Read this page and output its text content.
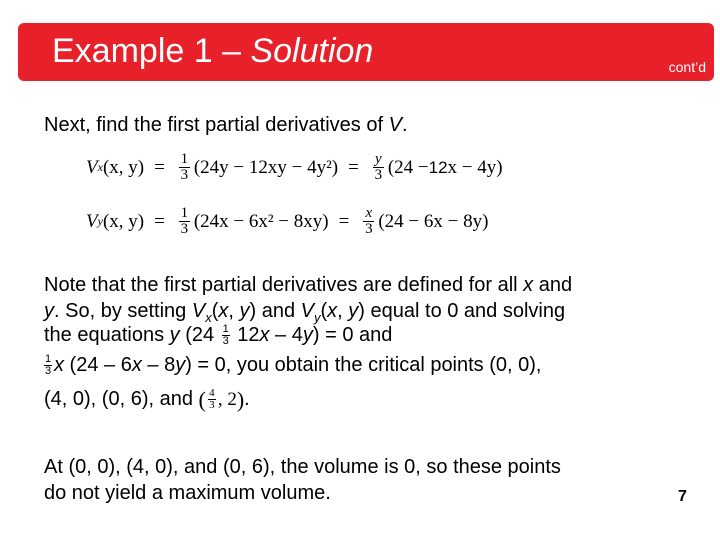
Example 1 – Solution	cont’d
Next, find the first partial derivatives of V.
V x (x, $y) = \frac{1}{3} (24y - 12xy - 4y^2) = \frac{y}{3} (24 - 12$ x − 4y)
V y (x, $y) = \frac{1}{3} (24x - 6x^2 - 8xy) = \frac{x}{3} (24 - 6x - 8y)$
Note that the first partial derivatives are defined for all x and
y. So, by setting $V_x(x$, y) and $V_y(x$, y) equal to 0 and solving
the equations y $(24 \frac{1}{3} 12x - 4y) = 0$ and
$\frac{1}{3}$ x (24 – 6x – 8y) = 0, you obtain the critical points (0, 0),
(4, 0), (0, 6), and ( 4
3 , 2 ) .
At (0, 0), (4, 0), and (0, 6), the volume is 0, so these points
do not yield a maximum volume.	7
